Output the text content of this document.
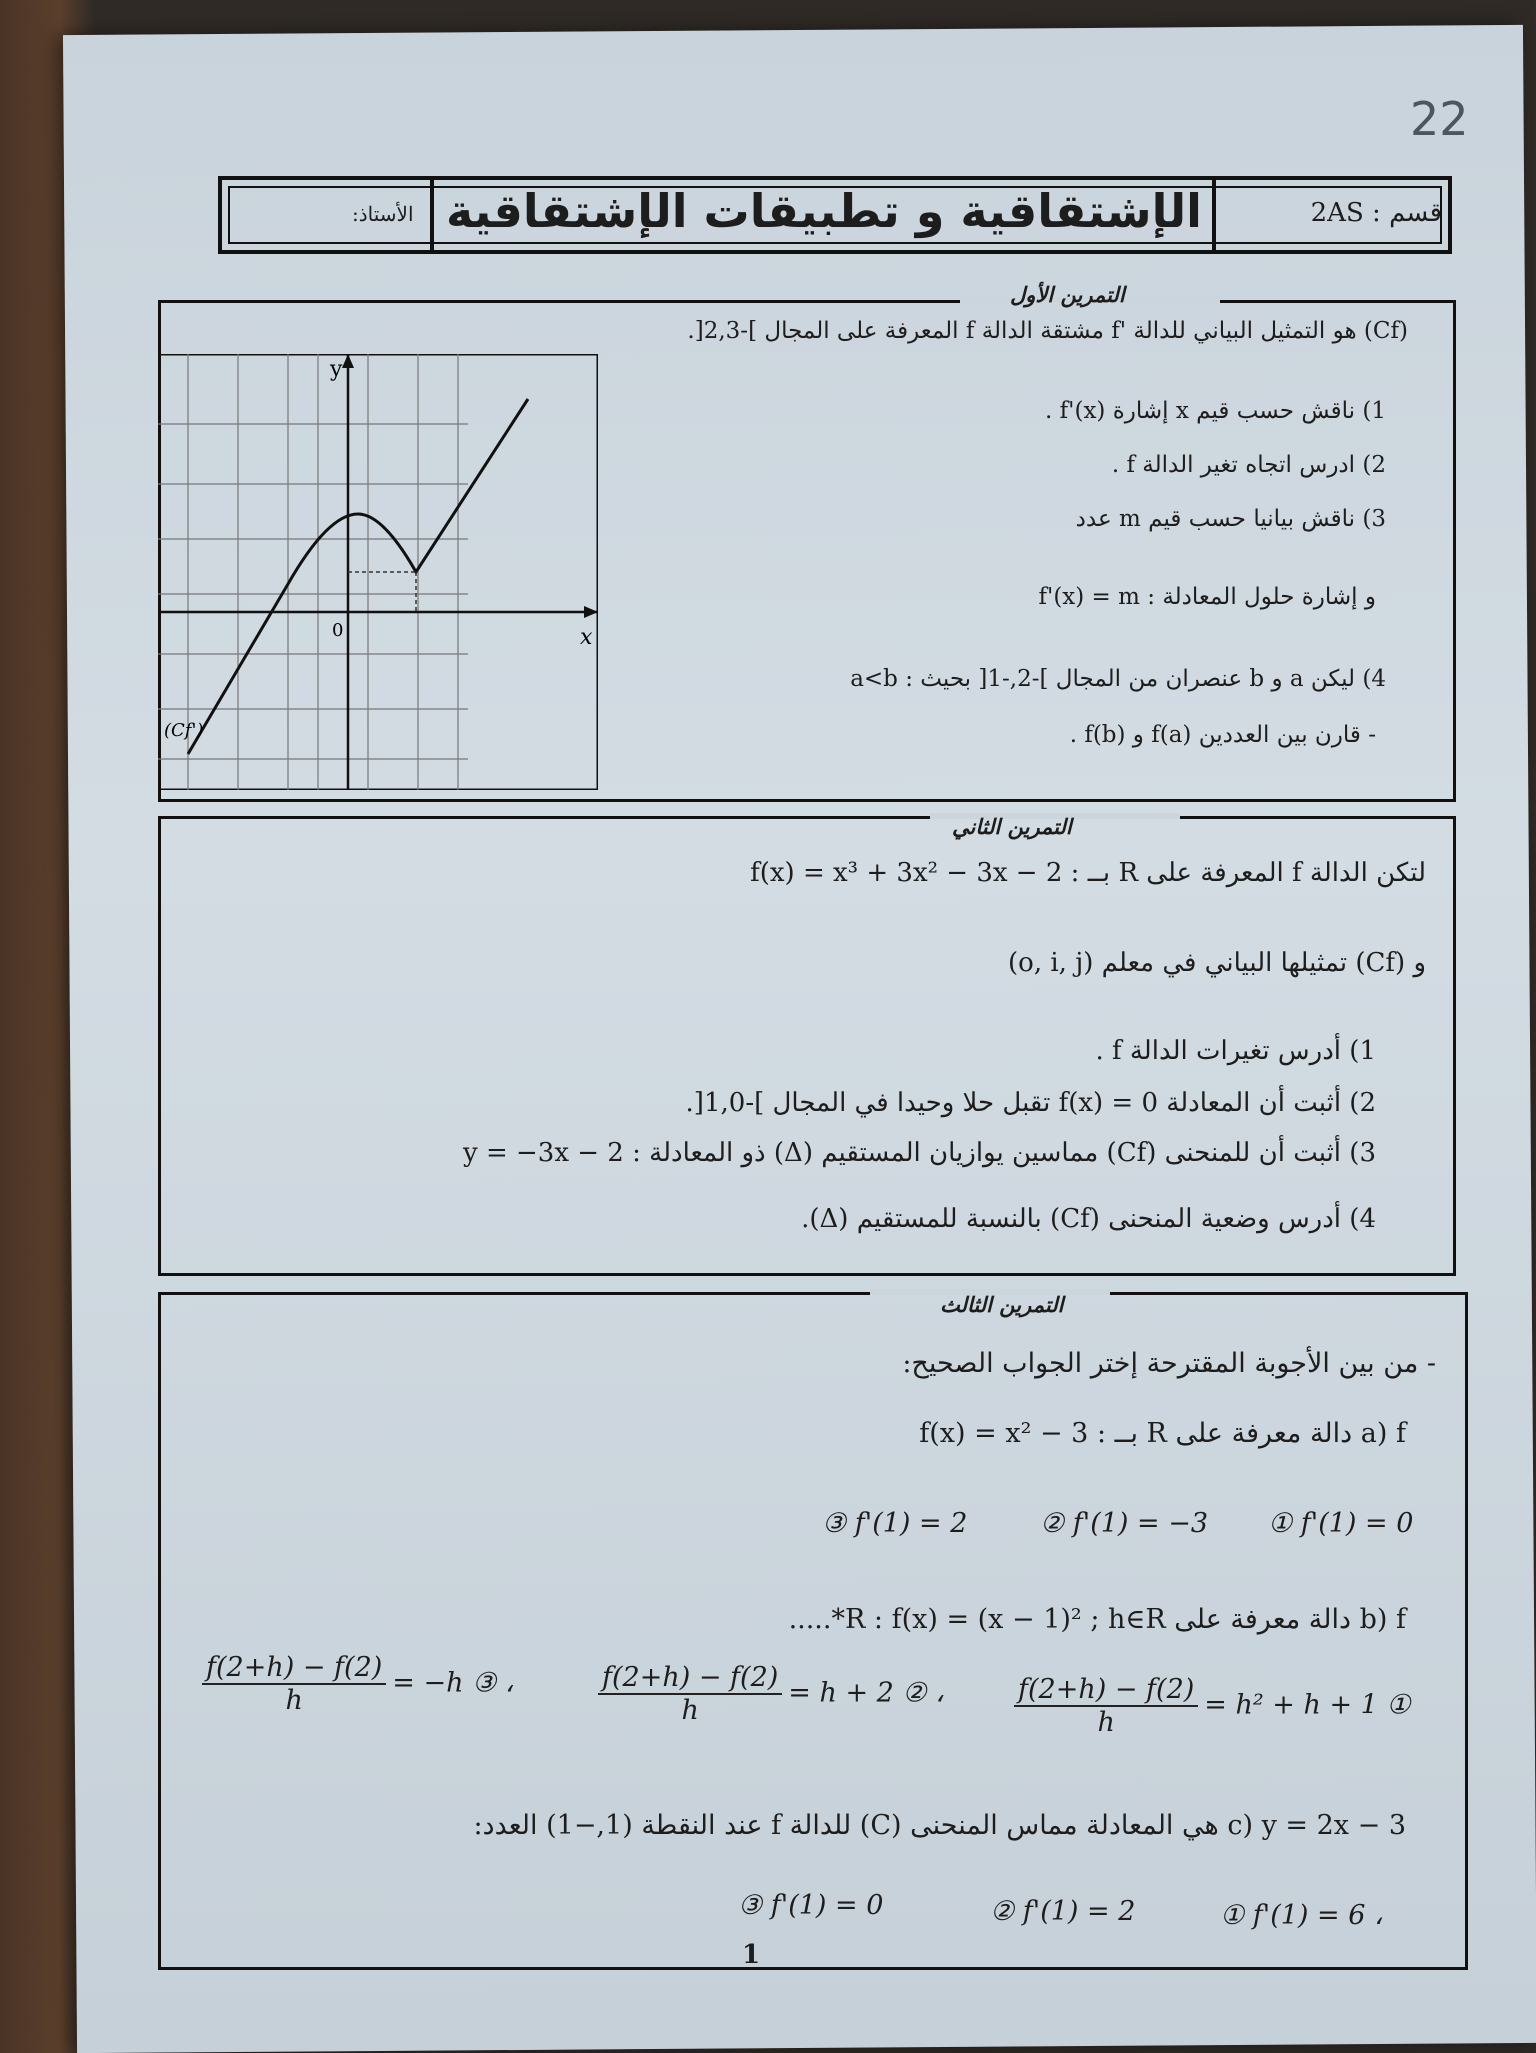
22
الأستاذ: الإشتقاقية و تطبيقات الإشتقاقية	قسم : 2AS
التمرين الأول
(Cf) هو التمثيل البياني للدالة 'f مشتقة الدالة f المعرفة على المجال ]-2,3[.
1) ناقش حسب قيم x إشارة f'(x) .
2) ادرس اتجاه تغير الدالة f .
3) ناقش بيانيا حسب قيم m عدد
و إشارة حلول المعادلة : f'(x) = m
4) ليكن a و b عنصران من المجال ]-2,-1[ بحيث : a<b
- قارن بين العددين f(a) و f(b) .
y
x
0
(Cf')
التمرين الثاني
لتكن الدالة f المعرفة على R بــ : f(x) = x³ + 3x² − 3x − 2
و (Cf) تمثيلها البياني في معلم (o, i, j)
1) أدرس تغيرات الدالة f .
2) أثبت أن المعادلة f(x) = 0 تقبل حلا وحيدا في المجال ]-1,0[.
3) أثبت أن للمنحنى (Cf) مماسين يوازيان المستقيم (Δ) ذو المعادلة : y = −3x − 2
4) أدرس وضعية المنحنى (Cf) بالنسبة للمستقيم (Δ).
التمرين الثالث
- من بين الأجوبة المقترحة إختر الجواب الصحيح:
a) f دالة معرفة على R بــ : f(x) = x² − 3
③ f'(1) = 2	② f'(1) = −3 ① f'(1) = 0
b) f دالة معرفة على R : f(x) = (x − 1)² ; h∈R*.....
$\frac{f(2+h) - f(2)}{h} = -h$ ③ ،	$\frac{f(2+h) - f(2)}{h} = h + 2$ ② ،	$\frac{f(2+h) - f(2)}{h} = h^2 + h + 1$ ①
c) y = 2x − 3 هي المعادلة مماس المنحنى (C) للدالة f عند النقطة (1,−1) العدد:
③ f'(1) = 0	② f'(1) = 2	① f'(1) = 6 ،
1
